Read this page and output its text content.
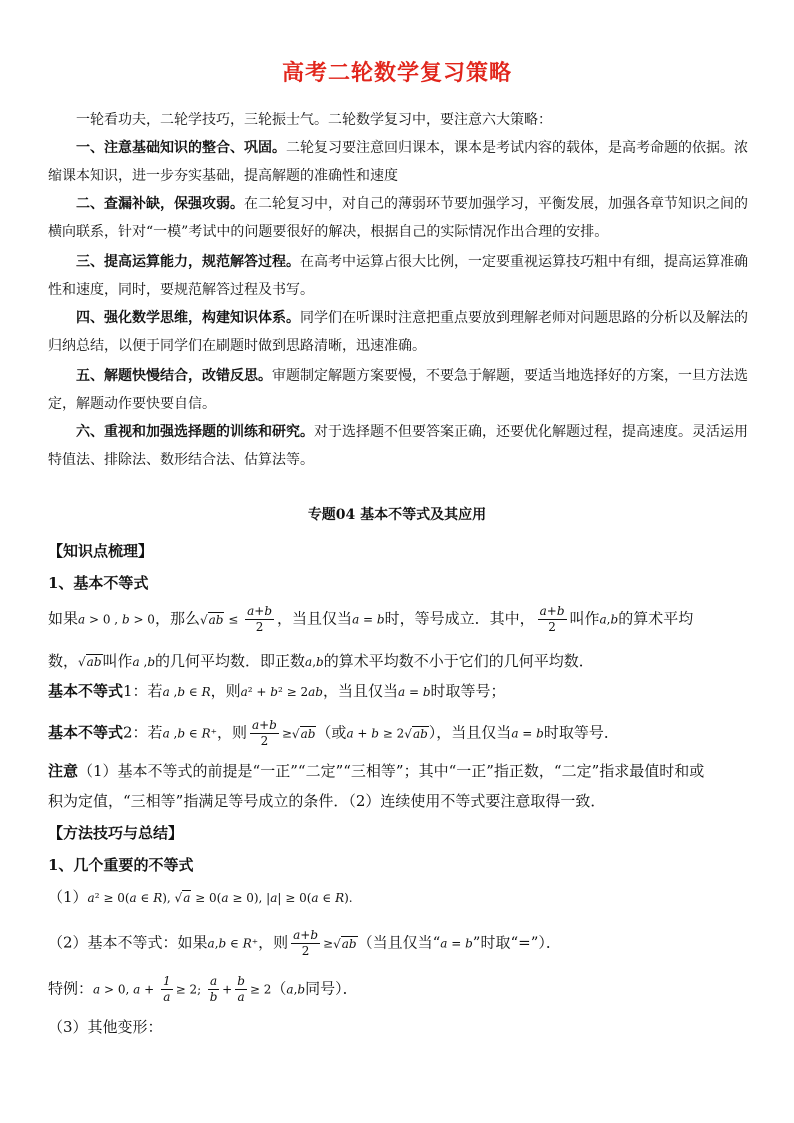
高考二轮数学复习策略
一轮看功夫，二轮学技巧，三轮振士气。二轮数学复习中，要注意六大策略：
一、注意基础知识的整合、巩固。二轮复习要注意回归课本，课本是考试内容的载体，是高考命题的依据。浓缩课本知识，进一步夯实基础，提高解题的准确性和速度
二、查漏补缺，保强攻弱。在二轮复习中，对自己的薄弱环节要加强学习，平衡发展，加强各章节知识之间的横向联系，针对“一模”考试中的问题要很好的解决，根据自己的实际情况作出合理的安排。
三、提高运算能力，规范解答过程。在高考中运算占很大比例，一定要重视运算技巧粗中有细，提高运算准确性和速度，同时，要规范解答过程及书写。
四、强化数学思维，构建知识体系。同学们在听课时注意把重点要放到理解老师对问题思路的分析以及解法的归纳总结，以便于同学们在刷题时做到思路清晰，迅速准确。
五、解题快慢结合，改错反思。审题制定解题方案要慢，不要急于解题，要适当地选择好的方案，一旦方法选定，解题动作要快要自信。
六、重视和加强选择题的训练和研究。对于选择题不但要答案正确，还要优化解题过程，提高速度。灵活运用特值法、排除法、数形结合法、估算法等。
专题04 基本不等式及其应用
【知识点梳理】
1、基本不等式
如果a > 0 , b > 0，那么$√ab \le \frac{a+b}{2}$ ，当且仅当a = b时，等号成立．其中， $\frac{a+b}{2}$ 叫作a,b的算术平均
数，√ab叫作a ,b的几何平均数．即正数a,b的算术平均数不小于它们的几何平均数．
基本不等式1：若a ,b ∈ R，则a² + b² ≥ 2ab，当且仅当a = b时取等号；
基本不等式2：若a ,b ∈ R⁺，则 $\frac{a+b}{2} \ge√ab$（或a + b ≥ 2√ab），当且仅当a = b时取等号．
注意（1）基本不等式的前提是“一正”“二定”“三相等”；其中“一正”指正数，“二定”指求最值时和或
积为定值，“三相等”指满足等号成立的条件．（2）连续使用不等式要注意取得一致．
【方法技巧与总结】
1、几个重要的不等式
（1）a² ≥ 0(a ∈ R), √a ≥ 0(a ≥ 0), |a| ≥ 0(a ∈ R).
（2）基本不等式：如果a,b ∈ R⁺，则 $\frac{a+b}{2} \ge√ab$（当且仅当“a = b”时取“=”）．
特例：a > 0, $a + \frac{1}{a} \ge 2$; $\frac{a}{b} + \frac{b}{a} \ge 2(a,b$同号）．
（3）其他变形：
